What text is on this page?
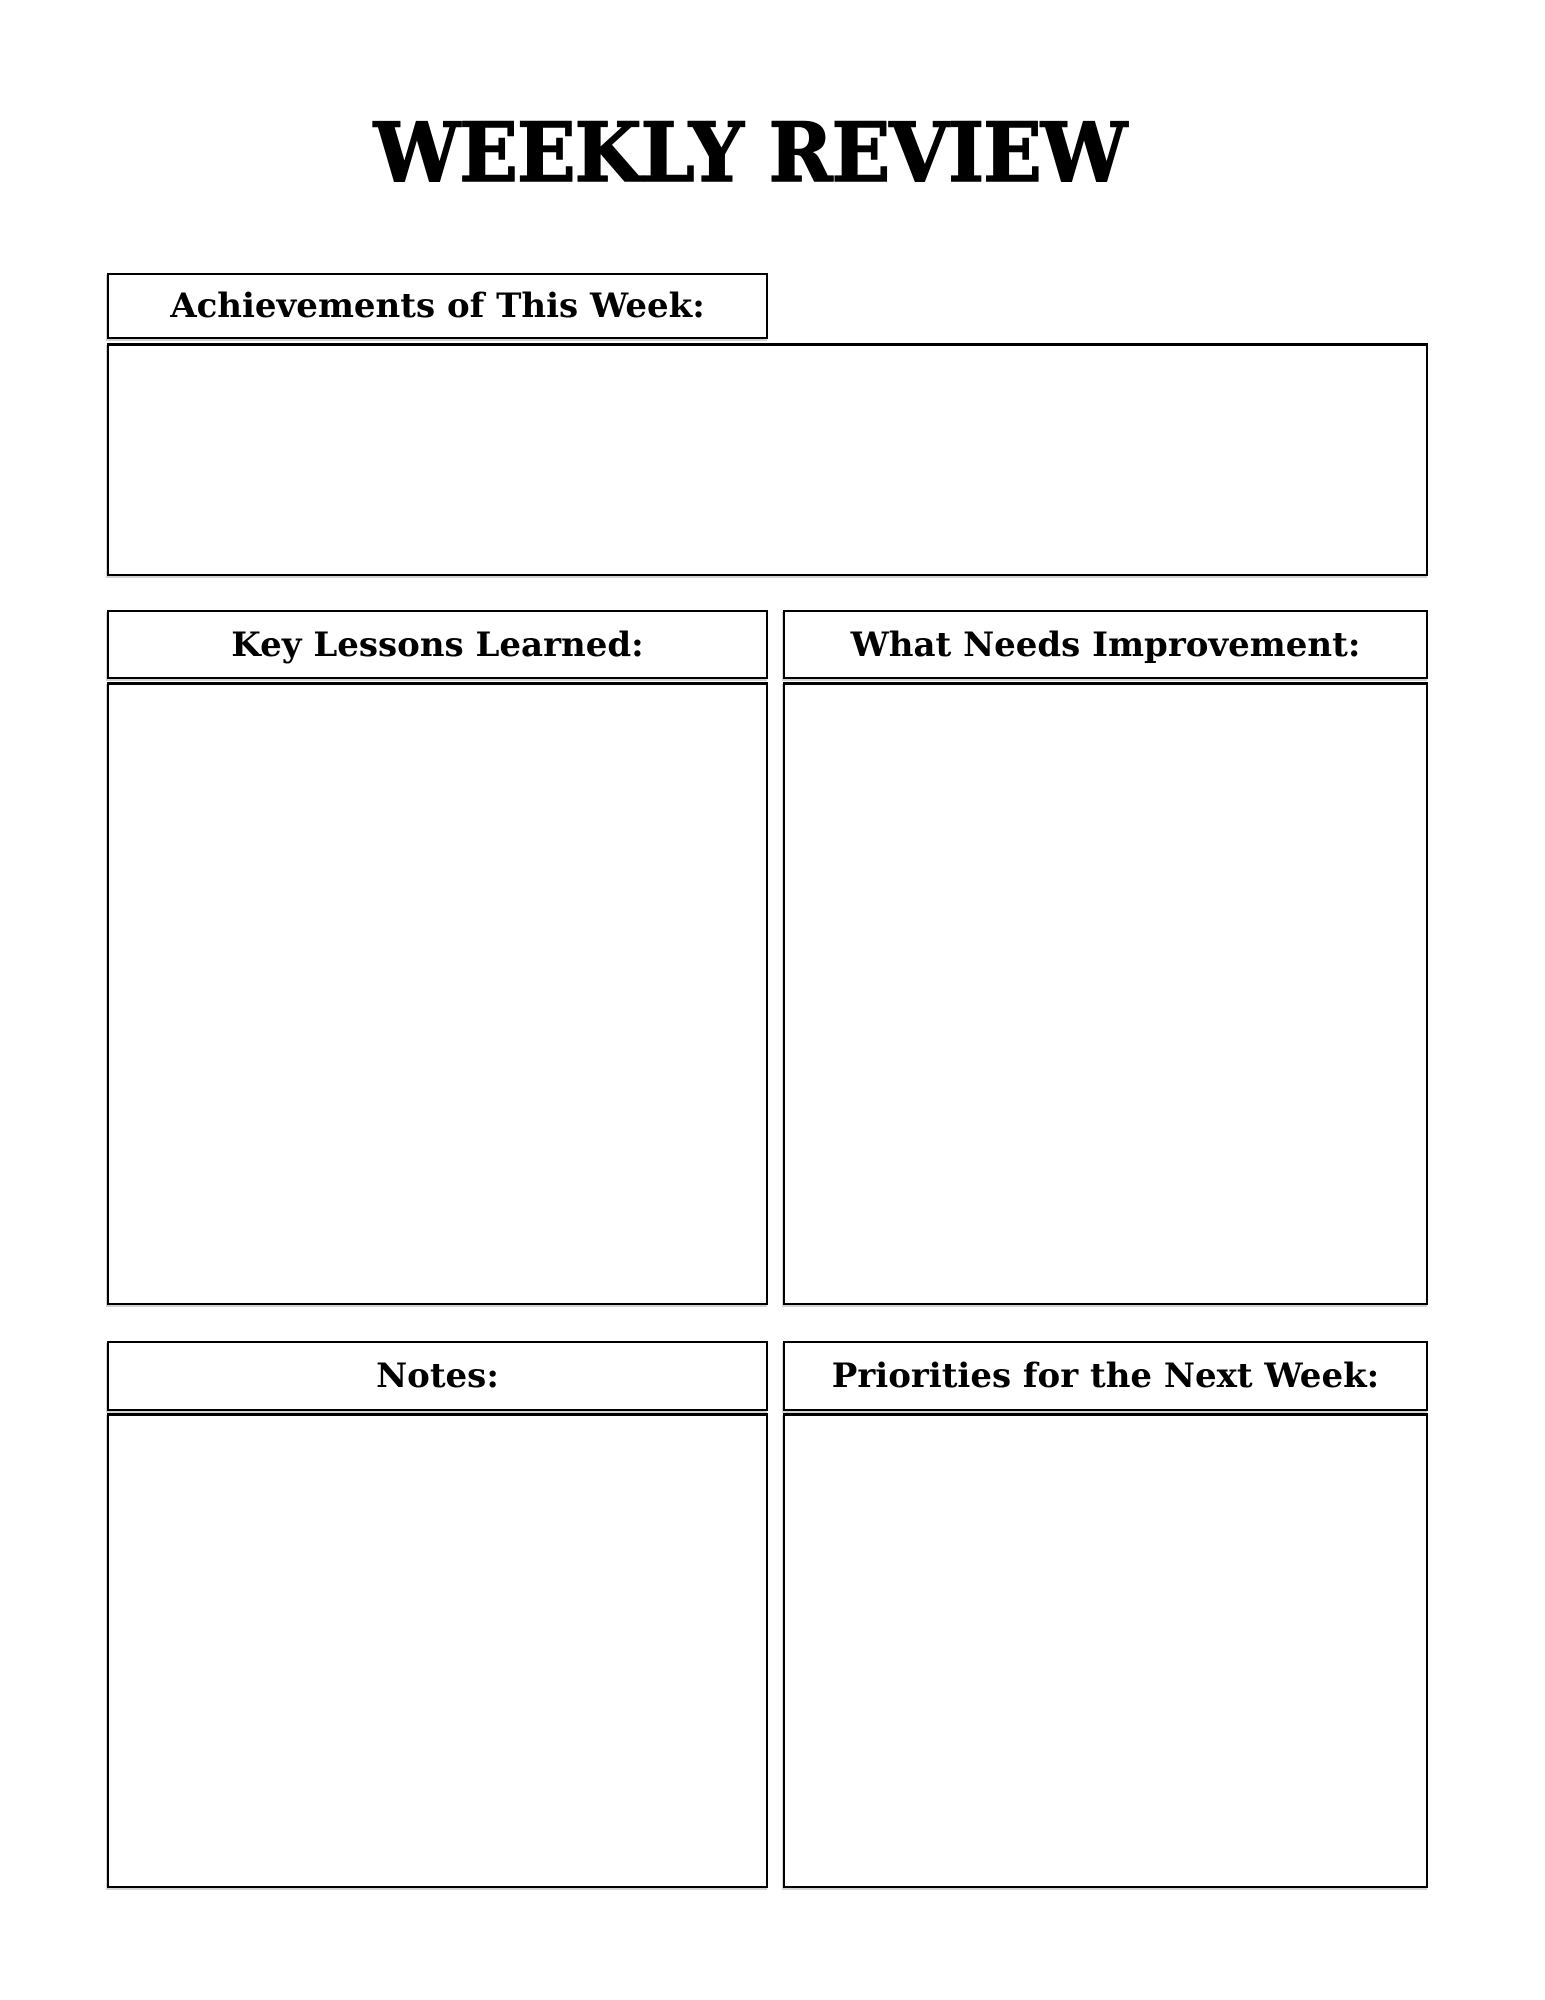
WEEKLY REVIEW
Achievements of This Week:
Key Lessons Learned:	What Needs Improvement:
Notes:	Priorities for the Next Week:
